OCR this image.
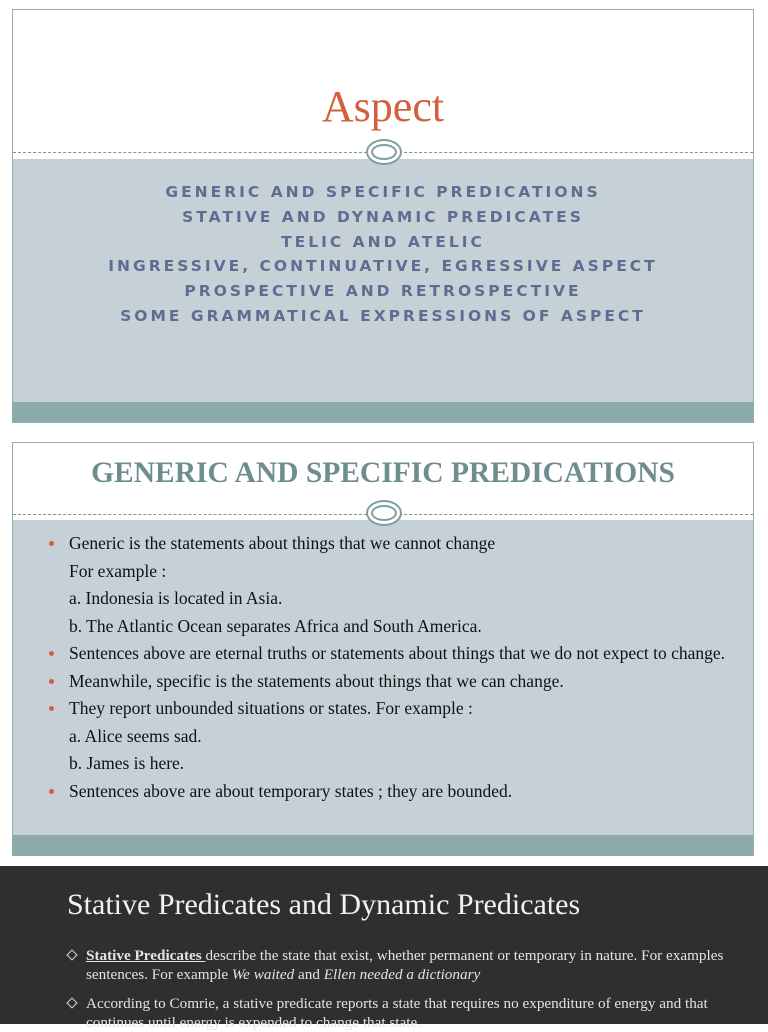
Aspect
GENERIC AND SPECIFIC PREDICATIONS
STATIVE AND DYNAMIC PREDICATES
TELIC AND ATELIC
INGRESSIVE, CONTINUATIVE, EGRESSIVE ASPECT
PROSPECTIVE AND RETROSPECTIVE
SOME GRAMMATICAL EXPRESSIONS OF ASPECT
GENERIC AND SPECIFIC PREDICATIONS
Generic is the statements about things that we cannot change
For example :
a. Indonesia is located in Asia.
b. The Atlantic Ocean separates Africa and South America.
Sentences above are eternal truths or statements about things that we do not expect to change.
Meanwhile, specific is the statements about things that we can change.
They report unbounded situations or states. For example :
a. Alice seems sad.
b. James is here.
Sentences above are about temporary states ; they are bounded.
Stative Predicates and Dynamic Predicates
Stative Predicates describe the state that exist, whether permanent or temporary in nature. For examples sentences. For example We waited and Ellen needed a dictionary
According to Comrie, a stative predicate reports a state that requires no expenditure of energy and that continues until energy is expended to change that state.
